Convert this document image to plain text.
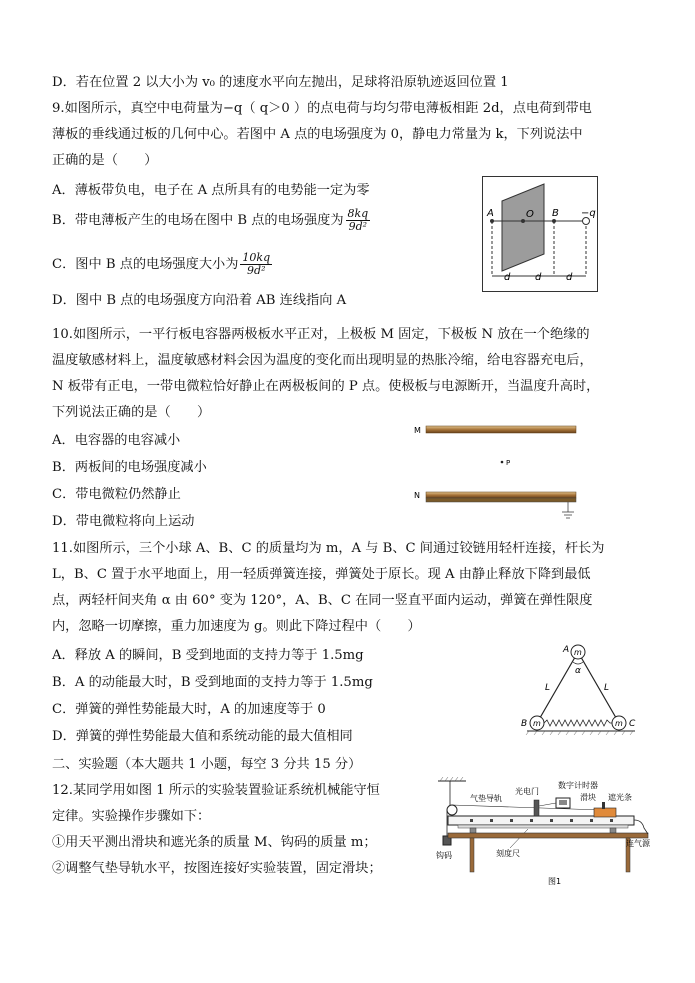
D．若在位置 2 以大小为 v₀ 的速度水平向左抛出，足球将沿原轨迹返回位置 1
9.如图所示，真空中电荷量为−q（ q＞0 ）的点电荷与均匀带电薄板相距 2d，点电荷到带电
薄板的垂线通过板的几何中心。若图中 A 点的电场强度为 0，静电力常量为 k，下列说法中
正确的是（　　）
A．薄板带负电，电子在 A 点所具有的电势能一定为零
B．带电薄板产生的电场在图中 B 点的电场强度为 $\frac{8kq}{\text{9d²}}$
C．图中 B 点的电场强度大小为 $\frac{10kq}{\text{9d²}}$
D．图中 B 点的电场强度方向沿着 AB 连线指向 A
A	O B −q
d d d
10.如图所示，一平行板电容器两极板水平正对，上极板 M 固定，下极板 N 放在一个绝缘的
温度敏感材料上，温度敏感材料会因为温度的变化而出现明显的热胀冷缩，给电容器充电后，
N 板带有正电，一带电微粒恰好静止在两极板间的 P 点。使极板与电源断开，当温度升高时，
下列说法正确的是（　　）
A．电容器的电容减小
B．两板间的电场强度减小
C．带电微粒仍然静止
D．带电微粒将向上运动
M
P
N
11.如图所示，三个小球 A、B、C 的质量均为 m，A 与 B、C 间通过铰链用轻杆连接，杆长为
L，B、C 置于水平地面上，用一轻质弹簧连接，弹簧处于原长。现 A 由静止释放下降到最低
点，两轻杆间夹角 α 由 60° 变为 120°，A、B、C 在同一竖直平面内运动，弹簧在弹性限度
内，忽略一切摩擦，重力加速度为 g。则此下降过程中（　　）
A．释放 A 的瞬间，B 受到地面的支持力等于 1.5mg
B．A 的动能最大时，B 受到地面的支持力等于 1.5mg
C．弹簧的弹性势能最大时，A 的加速度等于 0
D．弹簧的弹性势能最大值和系统动能的最大值相同
α
L	L
m
A
m
B	m C
二、实验题（本大题共 1 小题，每空 3 分共 15 分）
12.某同学用如图 1 所示的实验装置验证系统机械能守恒
定律。实验操作步骤如下：
①用天平测出滑块和遮光条的质量 M、钩码的质量 m；
②调整气垫导轨水平，按图连接好实验装置，固定滑块；
钩码	刻度尺
光电门
数字计时器
滑块 遮光条
气垫导轨
连气源
图1
